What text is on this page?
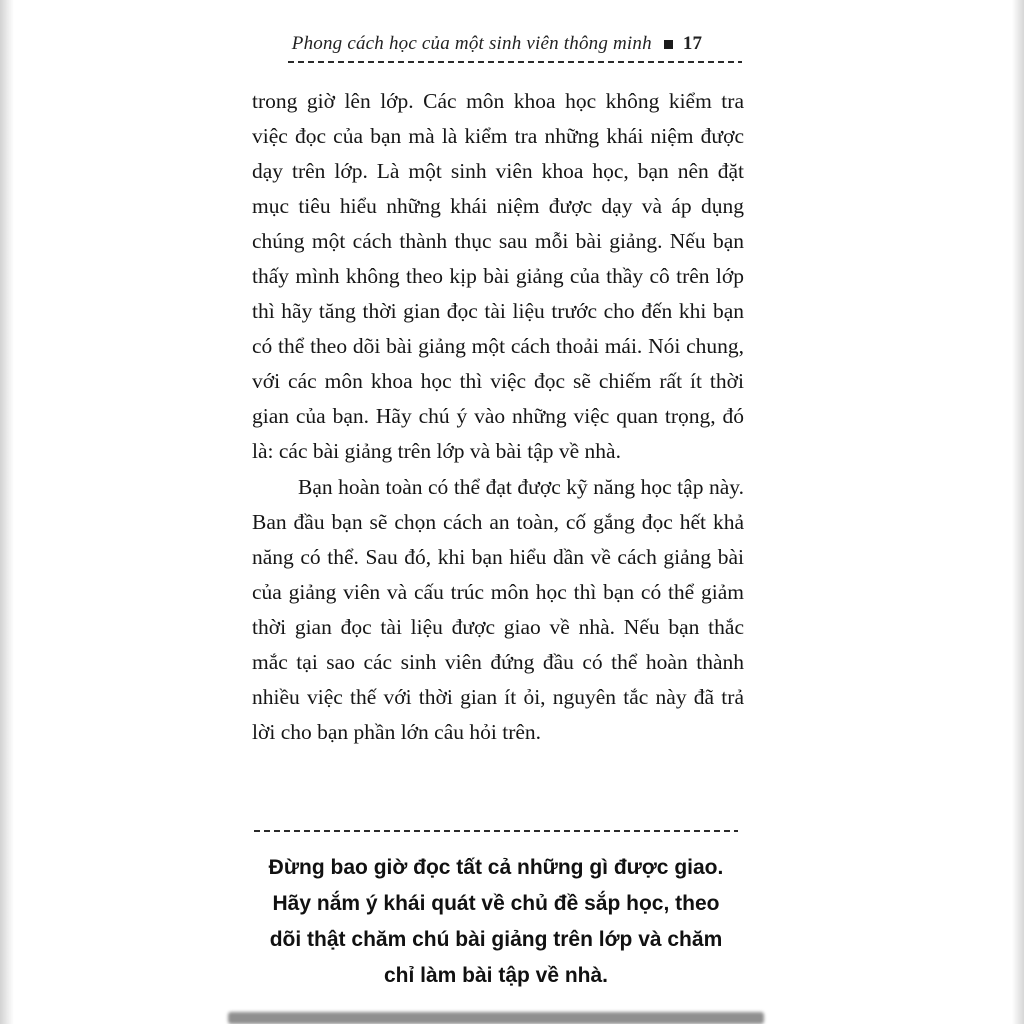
Phong cách học của một sinh viên thông minh 17

trong giờ lên lớp. Các môn khoa học không kiểm tra việc đọc của bạn mà là kiểm tra những khái niệm được dạy trên lớp. Là một sinh viên khoa học, bạn nên đặt mục tiêu hiểu những khái niệm được dạy và áp dụng chúng một cách thành thục sau mỗi bài giảng. Nếu bạn thấy mình không theo kịp bài giảng của thầy cô trên lớp thì hãy tăng thời gian đọc tài liệu trước cho đến khi bạn có thể theo dõi bài giảng một cách thoải mái. Nói chung, với các môn khoa học thì việc đọc sẽ chiếm rất ít thời gian của bạn. Hãy chú ý vào những việc quan trọng, đó là: các bài giảng trên lớp và bài tập về nhà.

Bạn hoàn toàn có thể đạt được kỹ năng học tập này. Ban đầu bạn sẽ chọn cách an toàn, cố gắng đọc hết khả năng có thể. Sau đó, khi bạn hiểu dần về cách giảng bài của giảng viên và cấu trúc môn học thì bạn có thể giảm thời gian đọc tài liệu được giao về nhà. Nếu bạn thắc mắc tại sao các sinh viên đứng đầu có thể hoàn thành nhiều việc thế với thời gian ít ỏi, nguyên tắc này đã trả lời cho bạn phần lớn câu hỏi trên.

Đừng bao giờ đọc tất cả những gì được giao. Hãy nắm ý khái quát về chủ đề sắp học, theo dõi thật chăm chú bài giảng trên lớp và chăm chỉ làm bài tập về nhà.
